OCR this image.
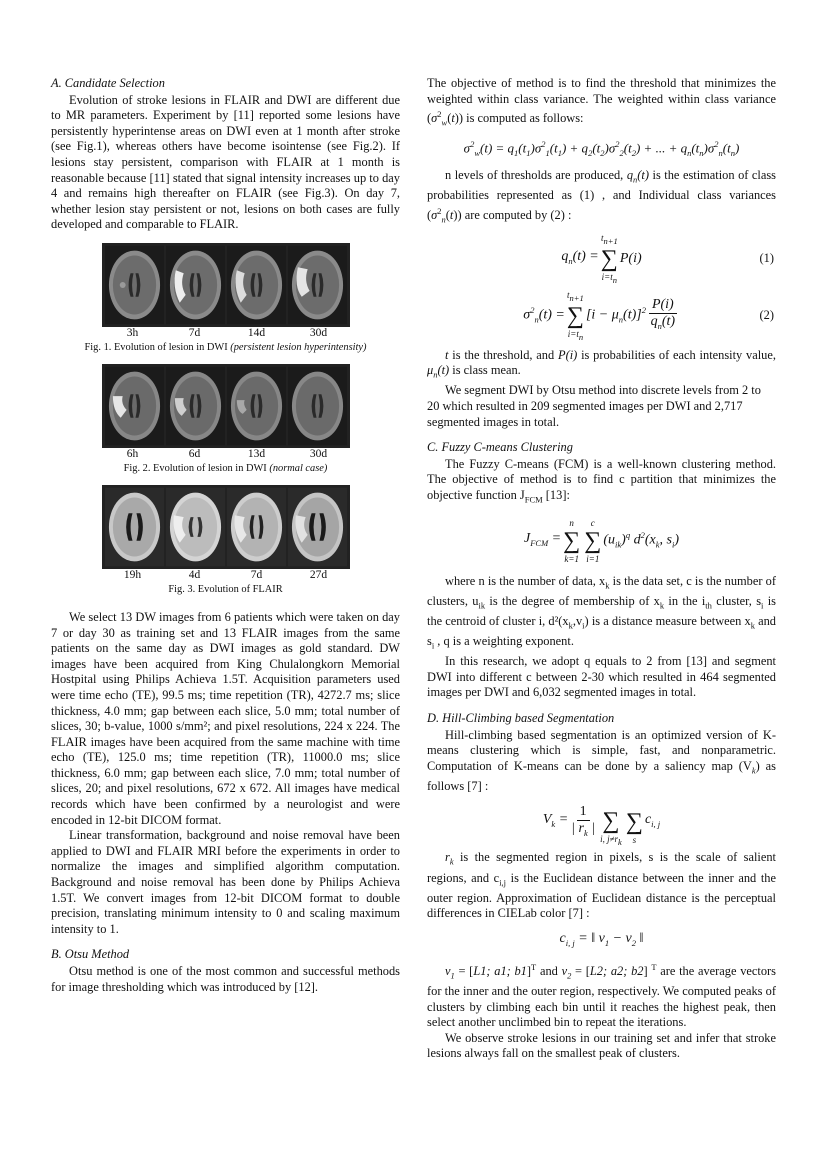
A. Candidate Selection

Evolution of stroke lesions in FLAIR and DWI are different due to MR parameters. Experiment by [11] reported some lesions have persistently hyperintense areas on DWI even at 1 month after stroke (see Fig.1), whereas others have become isointense (see Fig.2). If lesions stay persistent, comparison with FLAIR at 1 month is reasonable because [11] stated that signal intensity increases up to day 4 and remains high thereafter on FLAIR (see Fig.3). On day 7, whether lesion stay persistent or not, lesions on both cases are fully developed and comparable to FLAIR.

3h	7d	14d	30d
Fig. 1. Evolution of lesion in DWI (persistent lesion hyperintensity)
6h	6d	13d	30d
Fig. 2. Evolution of lesion in DWI (normal case)
19h	4d	7d	27d
Fig. 3. Evolution of FLAIR

We select 13 DW images from 6 patients which were taken on day 7 or day 30 as training set and 13 FLAIR images from the same patients on the same day as DWI images as gold standard. DW images have been acquired from King Chulalongkorn Memorial Hostpital using Philips Achieva 1.5T. Acquisition parameters used were time echo (TE), 99.5 ms; time repetition (TR), 4272.7 ms; slice thickness, 4.0 mm; gap between each slice, 5.0 mm; total number of slices, 30; b-value, 1000 s/mm²; and pixel resolutions, 224 x 224. The FLAIR images have been acquired from the same machine with time echo (TE), 125.0 ms; time repetition (TR), 11000.0 ms; slice thickness, 6.0 mm; gap between each slice, 7.0 mm; total number of slices, 20; and pixel resolutions, 672 x 672. All images have medical records which have been confirmed by a neurologist and were encoded in 12-bit DICOM format.

Linear transformation, background and noise removal have been applied to DWI and FLAIR MRI before the experiments in order to normalize the images and simplified algorithm computation. Background and noise removal has been done by Philips Achieva 1.5T. We convert images from 12-bit DICOM format to double precision, translating minimum intensity to 0 and scaling maximum intensity to 1.

B. Otsu Method

Otsu method is one of the most common and successful methods for image thresholding which was introduced by [12].

The objective of method is to find the threshold that minimizes the weighted within class variance. The weighted within class variance $(\sigma^2_w(t))$ is computed as follows:

$\sigma^2_w(t) = q_1(t_1)\sigma^2_1(t_1) + q_2(t_2)\sigma^2_2(t_2)$ + ... + $q_n(t_n)\sigma^2_n(t_n)$

n levels of thresholds are produced, $q_n(t)$ is the estimation of class probabilities represented as (1) , and Individual class variances $(\sigma^2_n(t))$ are computed by (2) :

$q_n(t)$ =
$t_{n+1}$
∑
$i=t_n$
P(i)	(1)
$\sigma^2_n(t)$ =
$t_{n+1}$
∑
$i=t_n$
$[i - \mu_n(t)]^2 \frac{P(i)}{q_n(t)}$	(2)

t is the threshold, and P(i) is probabilities of each intensity value, $\mu_n(t)$ is class mean.

We segment DWI by Otsu method into discrete levels from 2 to 20 which resulted in 209 segmented images per DWI and 2,717 segmented images in total.

C. Fuzzy C-means Clustering

The Fuzzy C-means (FCM) is a well-known clustering method. The objective of method is to find c partition that minimizes the objective function $J_{FCM}$ [13]:

$J_{FCM}$ =
n
∑
k=1
c
∑
i=1
$(u_{ik})^q$ $d^2(x_k$, $s_i$)

where n is the number of data, $x_k$ is the data set, c is the number of clusters, $u_{ik}$ is the degree of membership of $x_k$ in the $i_{th}$ cluster, $s_i$ is the centroid of cluster i, $d^2(x_k,v_i)$ is a distance measure between $x_k$ and $s_i$ , q is a weighting exponent.

In this research, we adopt q equals to 2 from [13] and segment DWI into different c between 2-30 which resulted in 464 segmented images per DWI and 6,032 segmented images in total.

D. Hill-Climbing based Segmentation

Hill-climbing based segmentation is an optimized version of K-means clustering which is simple, fast, and nonparametric. Computation of K-means can be done by a saliency map $(V_k)$ as follows [7] :

$V_k = \frac{1}{| r_k |}$
∑
i, $j\ne r_k$

∑
s
$c_{i, j}$

$r_k$ is the segmented region in pixels, s is the scale of salient regions, and $c_{i,j}$ is the Euclidean distance between the inner and the outer region. Approximation of Euclidean distance is the perceptual differences in CIELab color [7] :

$c_{i, j}$ = ‖ $v_1 - v_2$ ‖

$v_1 = [L1$; a1; b1]$^T$ and $v_2 = [L2$; a2; b2] $^T$ are the average vectors for the inner and the outer region, respectively. We computed peaks of clusters by climbing each bin until it reaches the highest peak, then select another unclimbed bin to repeat the iterations.

We observe stroke lesions in our training set and infer that stroke lesions always fall on the smallest peak of clusters.
